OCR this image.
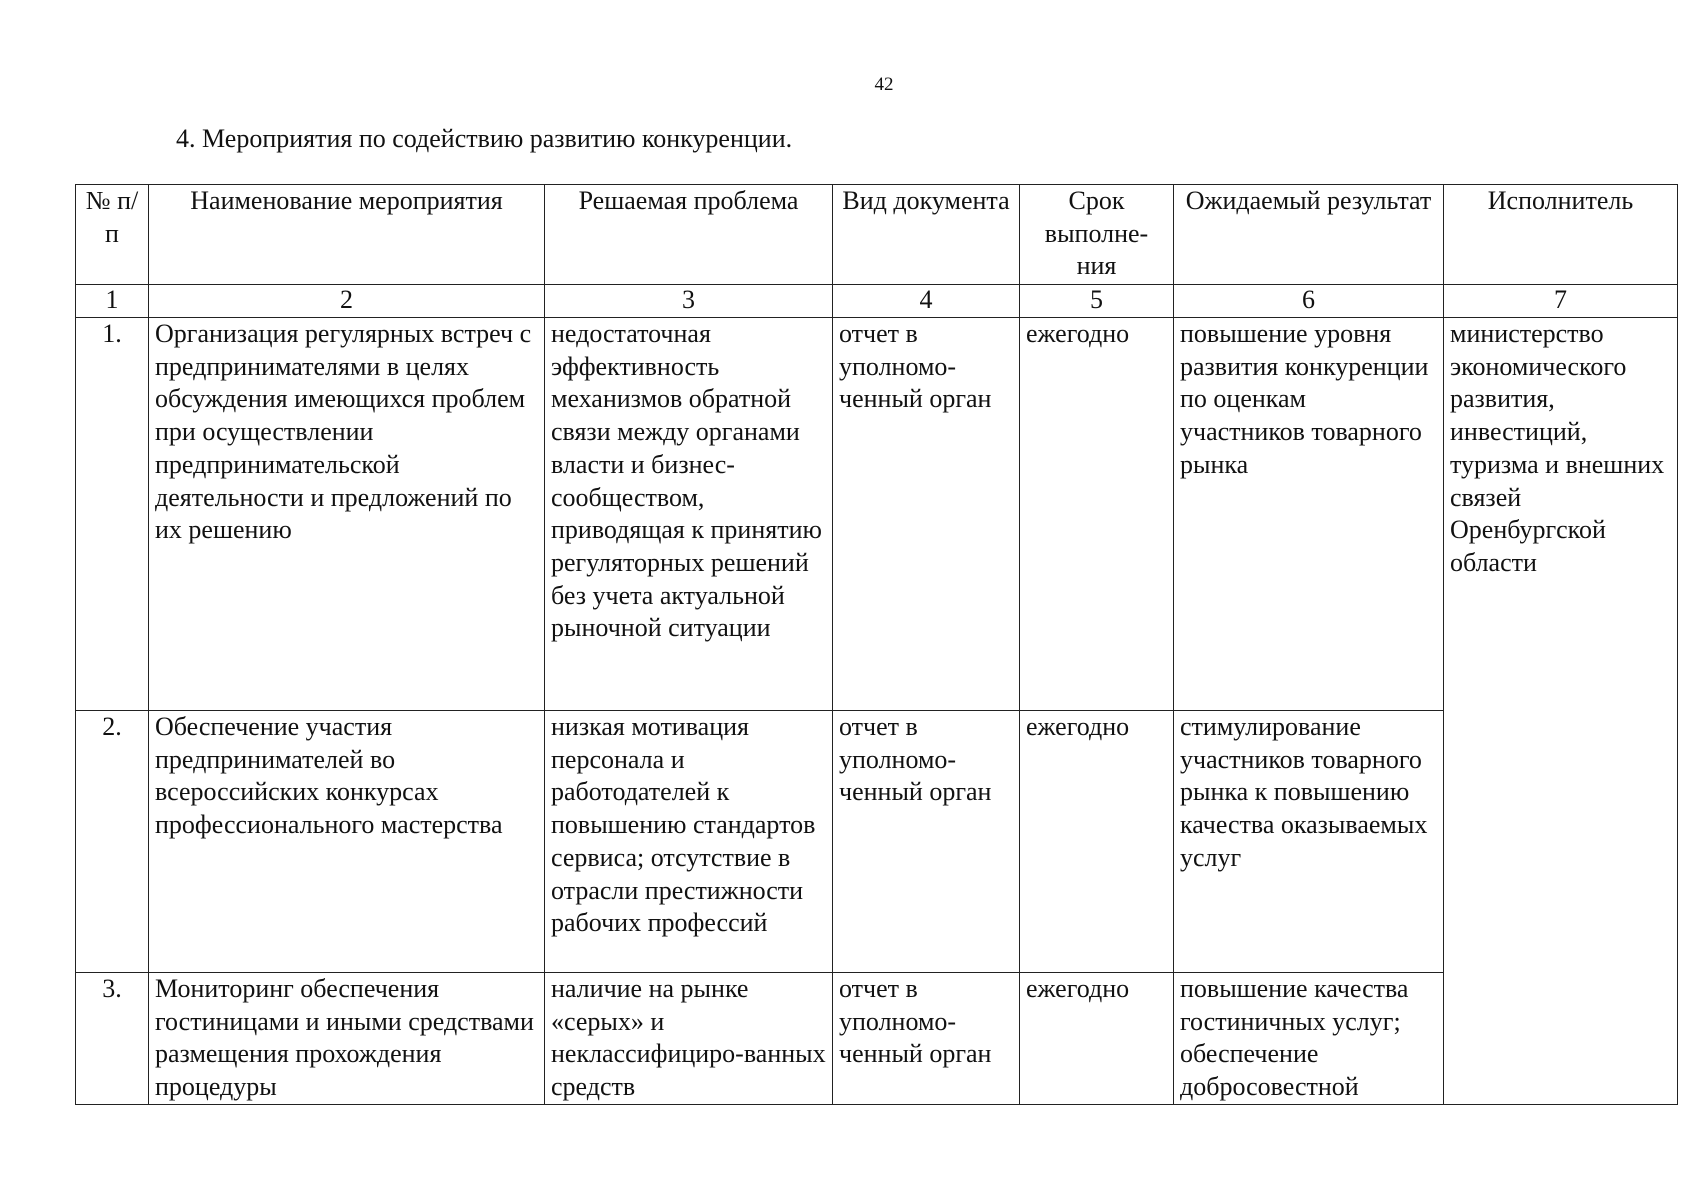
42
4. Мероприятия по содействию развитию конкуренции.
№ п/п	Наименование мероприятия	Решаемая проблема	Вид документа	Срок выполне-ния	Ожидаемый результат	Исполнитель
1	2	3	4	5	6	7
1.	Организация регулярных встреч с предпринимателями в целях обсуждения имеющихся проблем при осуществлении предпринимательской деятельности и предложений по их решению	недостаточная эффективность механизмов обратной связи между органами власти и бизнес-сообществом, приводящая к принятию регуляторных решений без учета актуальной рыночной ситуации	отчет в уполномо-ченный орган	ежегодно	повышение уровня развития конкуренции по оценкам участников товарного рынка	министерство экономического развития, инвестиций, туризма и внешних связей Оренбургской области
2.	Обеспечение участия предпринимателей во всероссийских конкурсах профессионального мастерства	низкая мотивация персонала и работодателей к повышению стандартов сервиса; отсутствие в отрасли престижности рабочих профессий	отчет в уполномо-ченный орган	ежегодно	стимулирование участников товарного рынка к повышению качества оказываемых услуг	
3.	Мониторинг обеспечения гостиницами и иными средствами размещения прохождения процедуры	наличие на рынке «серых» и неклассифициро-ванных средств	отчет в уполномо-ченный орган	ежегодно	повышение качества гостиничных услуг; обеспечение добросовестной	
